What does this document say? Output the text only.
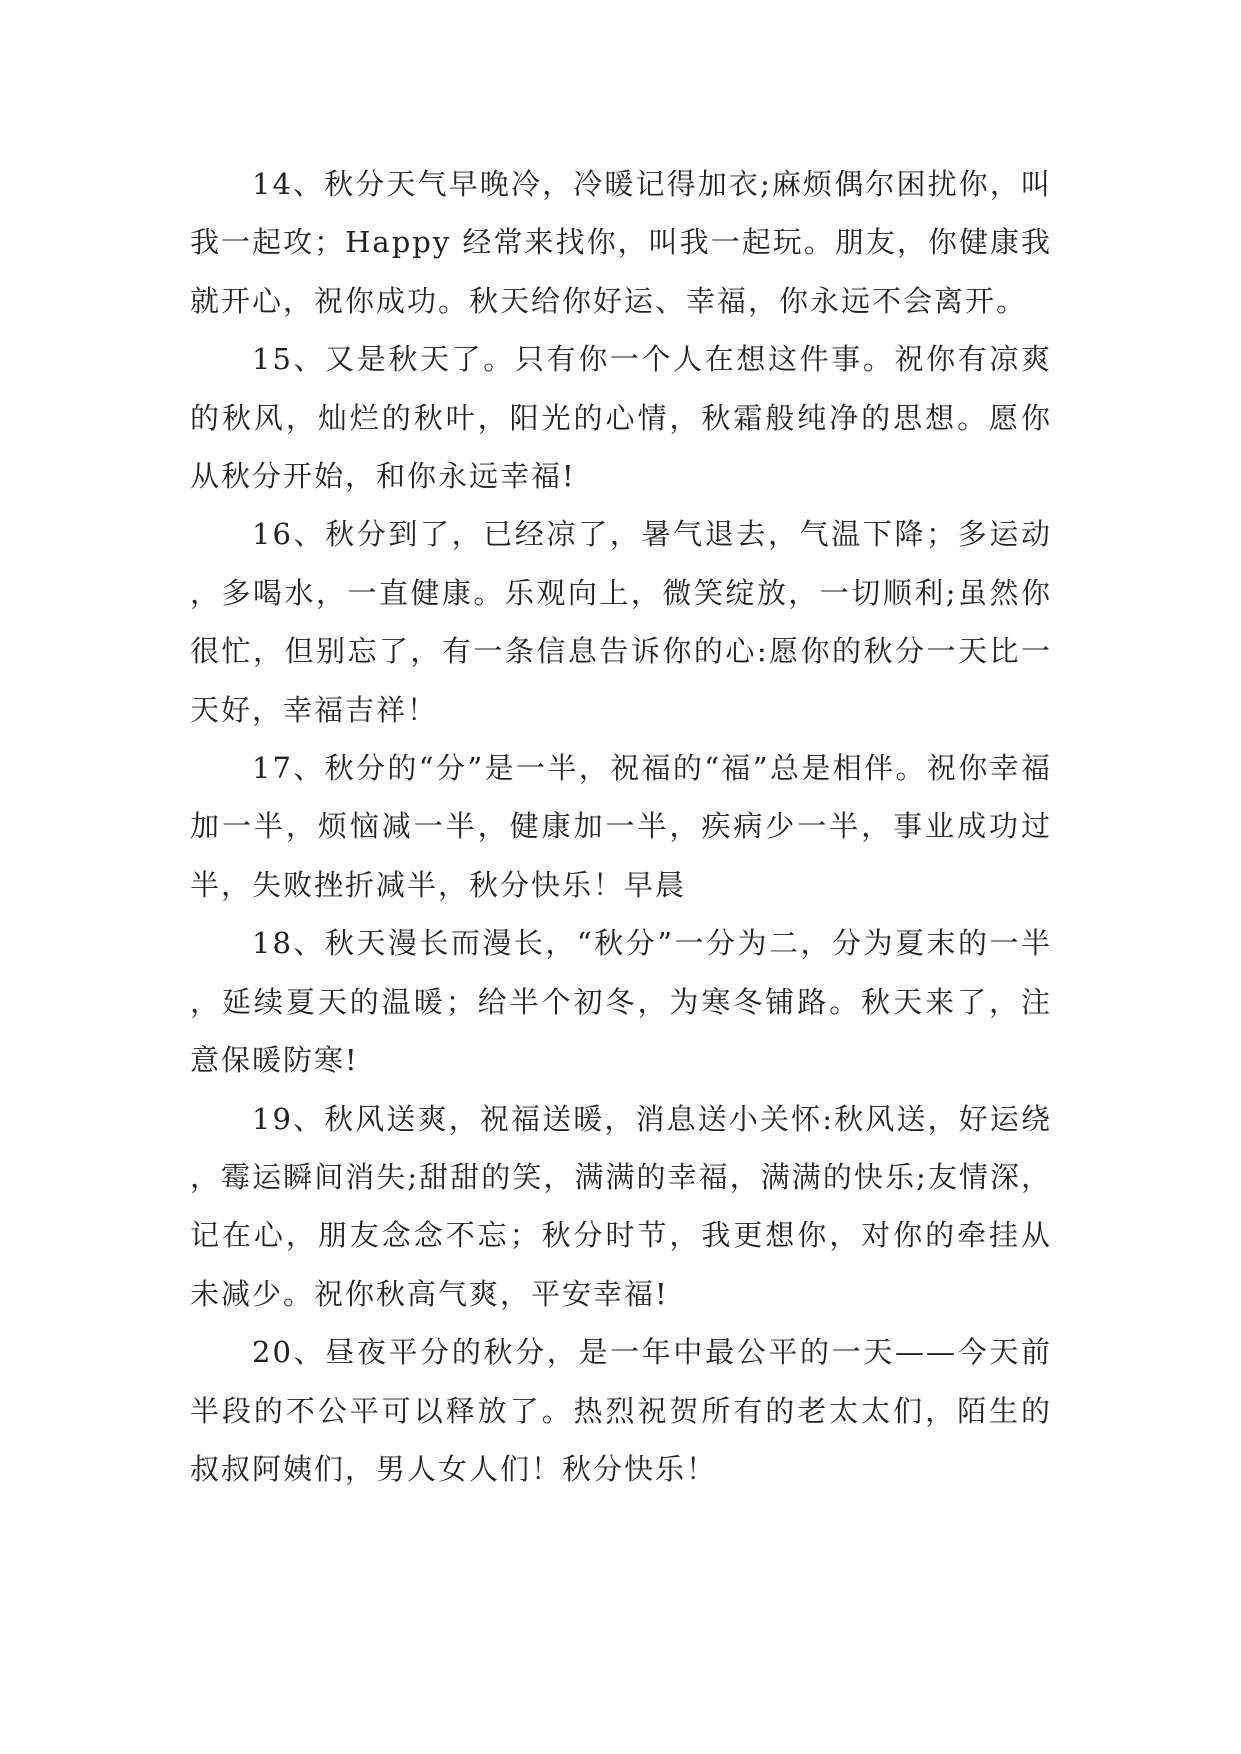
14、秋分天气早晚冷，冷暖记得加衣;麻烦偶尔困扰你，叫我一起攻；Happy 经常来找你，叫我一起玩。朋友，你健康我就开心，祝你成功。秋天给你好运、幸福，你永远不会离开。

15、又是秋天了。只有你一个人在想这件事。祝你有凉爽的秋风，灿烂的秋叶，阳光的心情，秋霜般纯净的思想。愿你从秋分开始，和你永远幸福!

16、秋分到了，已经凉了，暑气退去，气温下降；多运动，多喝水，一直健康。乐观向上，微笑绽放，一切顺利;虽然你很忙，但别忘了，有一条信息告诉你的心:愿你的秋分一天比一天好，幸福吉祥！

17、秋分的“分”是一半，祝福的“福”总是相伴。祝你幸福加一半，烦恼减一半，健康加一半，疾病少一半，事业成功过半，失败挫折减半，秋分快乐！早晨

18、秋天漫长而漫长，“秋分”一分为二，分为夏末的一半，延续夏天的温暖；给半个初冬，为寒冬铺路。秋天来了，注意保暖防寒!

19、秋风送爽，祝福送暖，消息送小关怀:秋风送，好运绕，霉运瞬间消失;甜甜的笑，满满的幸福，满满的快乐;友情深，记在心，朋友念念不忘；秋分时节，我更想你，对你的牵挂从未减少。祝你秋高气爽，平安幸福!

20、昼夜平分的秋分，是一年中最公平的一天——今天前半段的不公平可以释放了。热烈祝贺所有的老太太们，陌生的叔叔阿姨们，男人女人们！秋分快乐！
